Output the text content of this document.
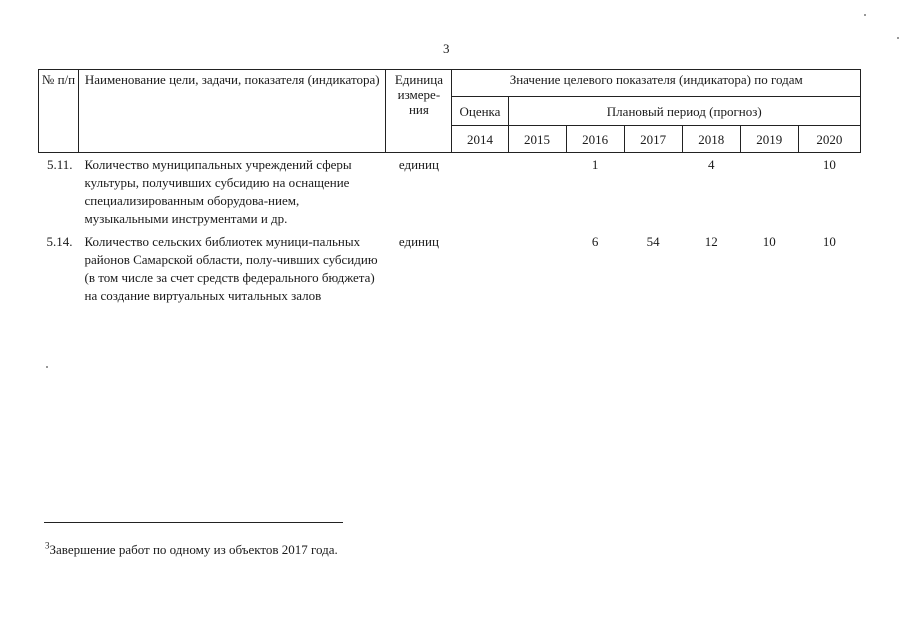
3
№ п/п	Наименование цели, задачи, показателя (индикатора)	Единица измере-ния	Значение целевого показателя (индикатора) по годам						
			Оценка	Плановый период (прогноз)					
			2014	2015	2016	2017	2018	2019	2020
5.11.	Количество муниципальных учреждений сферы культуры, получивших субсидию на оснащение специализированным оборудова-нием, музыкальными инструментами и др.	единиц			1		4		10
5.14.	Количество сельских библиотек муници-пальных районов Самарской области, полу-чивших субсидию (в том числе за счет средств федерального бюджета) на создание виртуальных читальных залов	единиц			6	54	12	10	10
$^3$Завершение работ по одному из объектов 2017 года.
